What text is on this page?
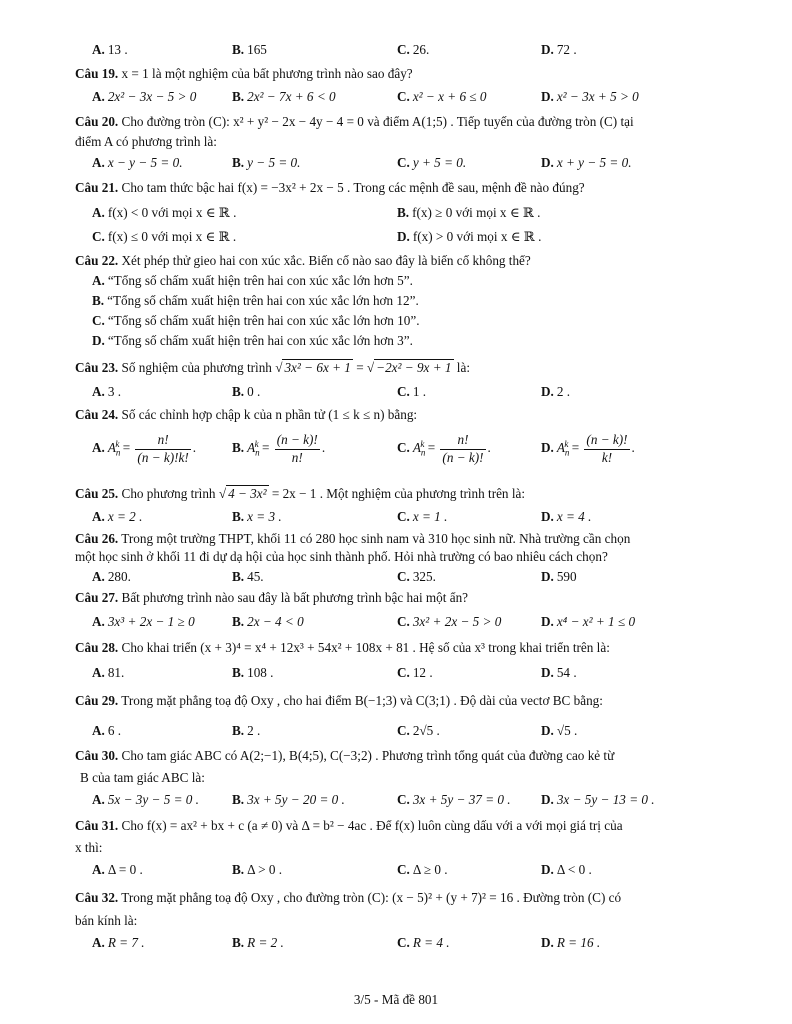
A. 13 .	B. 165	C. 26.	D. 72 .
Câu 19. x = 1 là một nghiệm của bất phương trình nào sao đây?
A. 2x² − 3x − 5 > 0	B. 2x² − 7x + 6 < 0	C. x² − x + 6 ≤ 0	D. x² − 3x + 5 > 0
Câu 20. Cho đường tròn (C): x² + y² − 2x − 4y − 4 = 0 và điểm A(1;5) . Tiếp tuyến của đường tròn (C) tại
điểm A có phương trình là:
A. x − y − 5 = 0.	B. y − 5 = 0.	C. y + 5 = 0.	D. x + y − 5 = 0.
Câu 21. Cho tam thức bậc hai f(x) = −3x² + 2x − 5 . Trong các mệnh đề sau, mệnh đề nào đúng?
A. f(x) < 0 với mọi x ∈ ℝ .	B. f(x) ≥ 0 với mọi x ∈ ℝ .
C. f(x) ≤ 0 với mọi x ∈ ℝ .	D. f(x) > 0 với mọi x ∈ ℝ .
Câu 22. Xét phép thử gieo hai con xúc xắc. Biến cố nào sao đây là biến cố không thể?
A. “Tổng số chấm xuất hiện trên hai con xúc xắc lớn hơn 5”.
B. “Tổng số chấm xuất hiện trên hai con xúc xắc lớn hơn 12”.
C. “Tổng số chấm xuất hiện trên hai con xúc xắc lớn hơn 10”.
D. “Tổng số chấm xuất hiện trên hai con xúc xắc lớn hơn 3”.
Câu 23. Số nghiệm của phương trình √ 3x² − 6x + 1 = √ −2x² − 9x + 1 là:
A. 3 .	B. 0 .	C. 1 .	D. 2 .
Câu 24. Số các chỉnh hợp chập k của n phần tử (1 ≤ k ≤ n) bằng:
A. $A_n^k = \frac{n!}{(n - k)!k!}$ .	B. $A_n^k = \frac{(n - k)!}{n!}$ .	C. $A_n^k = \frac{n!}{(n - k)!}$ .	D. $A_n^k = \frac{(n - k)!}{k!}$ .
Câu 25. Cho phương trình √ 4 − 3x² = 2x − 1 . Một nghiệm của phương trình trên là:
A. x = 2 .	B. x = 3 .	C. x = 1 .	D. x = 4 .
Câu 26. Trong một trường THPT, khối 11 có 280 học sinh nam và 310 học sinh nữ. Nhà trường cần chọn
một học sinh ở khối 11 đi dự dạ hội của học sinh thành phố. Hỏi nhà trường có bao nhiêu cách chọn?
A. 280.	B. 45.	C. 325.	D. 590
Câu 27. Bất phương trình nào sau đây là bất phương trình bậc hai một ẩn?
A. 3x³ + 2x − 1 ≥ 0	B. 2x − 4 < 0	C. 3x² + 2x − 5 > 0	D. x⁴ − x² + 1 ≤ 0
Câu 28. Cho khai triển (x + 3)⁴ = x⁴ + 12x³ + 54x² + 108x + 81 . Hệ số của x³ trong khai triển trên là:
A. 81.	B. 108 .	C. 12 .	D. 54 .
Câu 29. Trong mặt phẳng toạ độ Oxy , cho hai điểm B(−1;3) và C(3;1) . Độ dài của vectơ BC bằng:
A. 6 .	B. 2 .	C. 2√5 .	D. √5 .
Câu 30. Cho tam giác ABC có A(2;−1), B(4;5), C(−3;2) . Phương trình tổng quát của đường cao kẻ từ
B của tam giác ABC là:
A. 5x − 3y − 5 = 0 .	B. 3x + 5y − 20 = 0 .	C. 3x + 5y − 37 = 0 . D. 3x − 5y − 13 = 0 .
Câu 31. Cho f(x) = ax² + bx + c (a ≠ 0) và Δ = b² − 4ac . Để f(x) luôn cùng dấu với a với mọi giá trị của
x thì:
A. Δ = 0 .	B. Δ > 0 .	C. Δ ≥ 0 .	D. Δ < 0 .
Câu 32. Trong mặt phẳng toạ độ Oxy , cho đường tròn (C): (x − 5)² + (y + 7)² = 16 . Đường tròn (C) có
bán kính là:
A. R = 7 .	B. R = 2 .	C. R = 4 .	D. R = 16 .
3/5 - Mã đề 801
